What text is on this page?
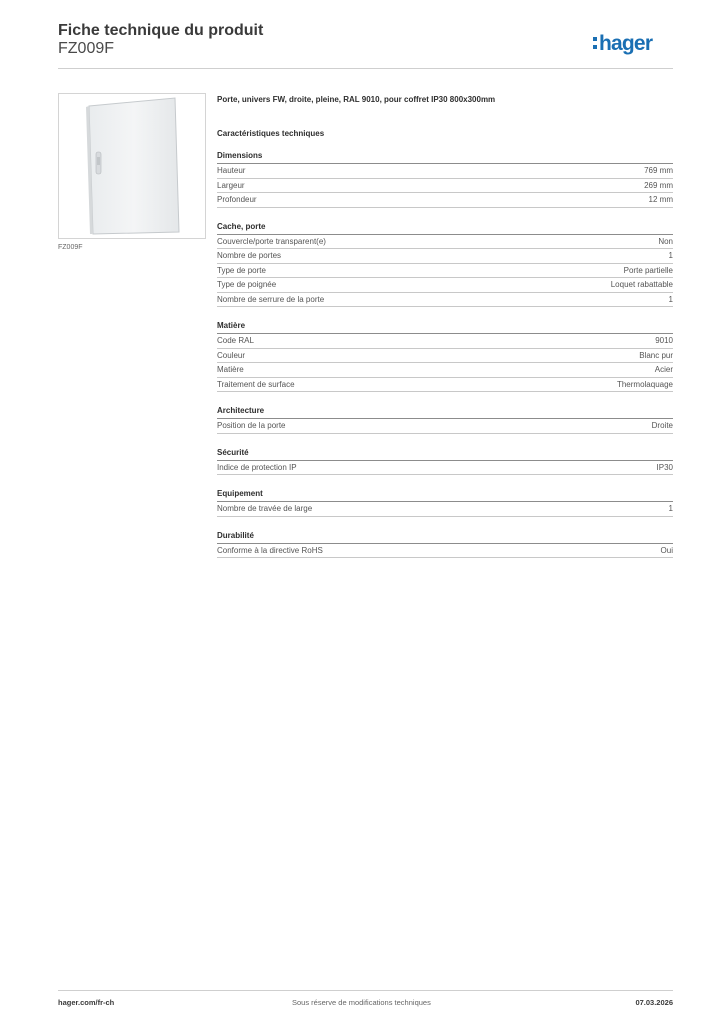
Fiche technique du produit
FZ009F	hager
FZ009F
Porte, univers FW, droite, pleine, RAL 9010, pour coffret IP30 800x300mm
Caractéristiques techniques
Dimensions
Hauteur	769 mm
Largeur	269 mm
Profondeur	12 mm
Cache, porte
Couvercle/porte transparent(e)	Non
Nombre de portes	1
Type de porte	Porte partielle
Type de poignée	Loquet rabattable
Nombre de serrure de la porte	1
Matière
Code RAL	9010
Couleur	Blanc pur
Matière	Acier
Traitement de surface	Thermolaquage
Architecture
Position de la porte	Droite
Sécurité
Indice de protection IP	IP30
Equipement
Nombre de travée de large	1
Durabilité
Conforme à la directive RoHS	Oui
hager.com/fr-ch	Sous réserve de modifications techniques	07.03.2026
